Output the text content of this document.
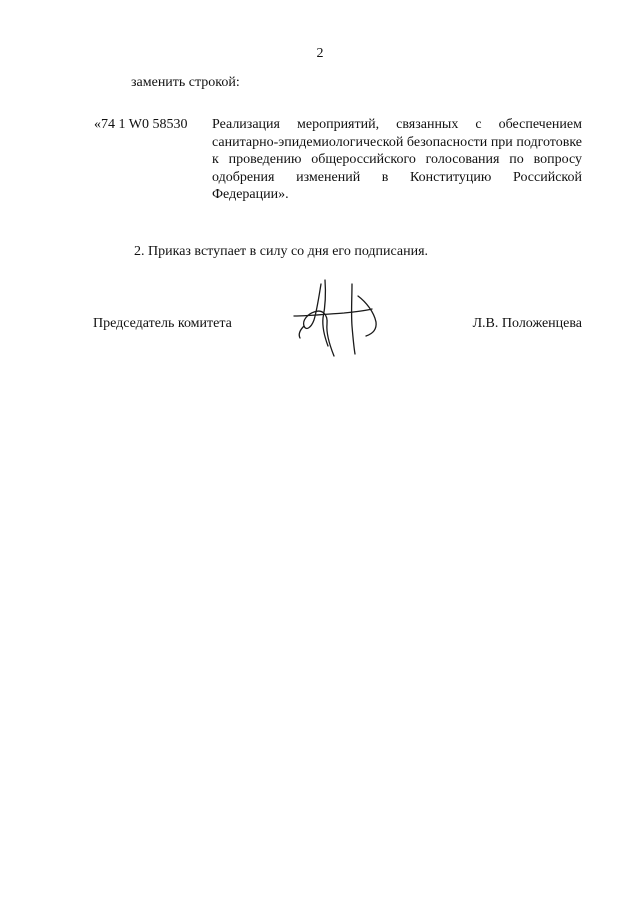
2
заменить строкой:
«74 1 W0 58530 Реализация мероприятий, связанных с обеспечением санитарно-эпидемиологической безопасности при подготовке к проведению общероссийского голосования по вопросу одобрения изменений в Конституцию Российской Федерации».
2. Приказ вступает в силу со дня его подписания.
Председатель комитета	Л.В. Положенцева
